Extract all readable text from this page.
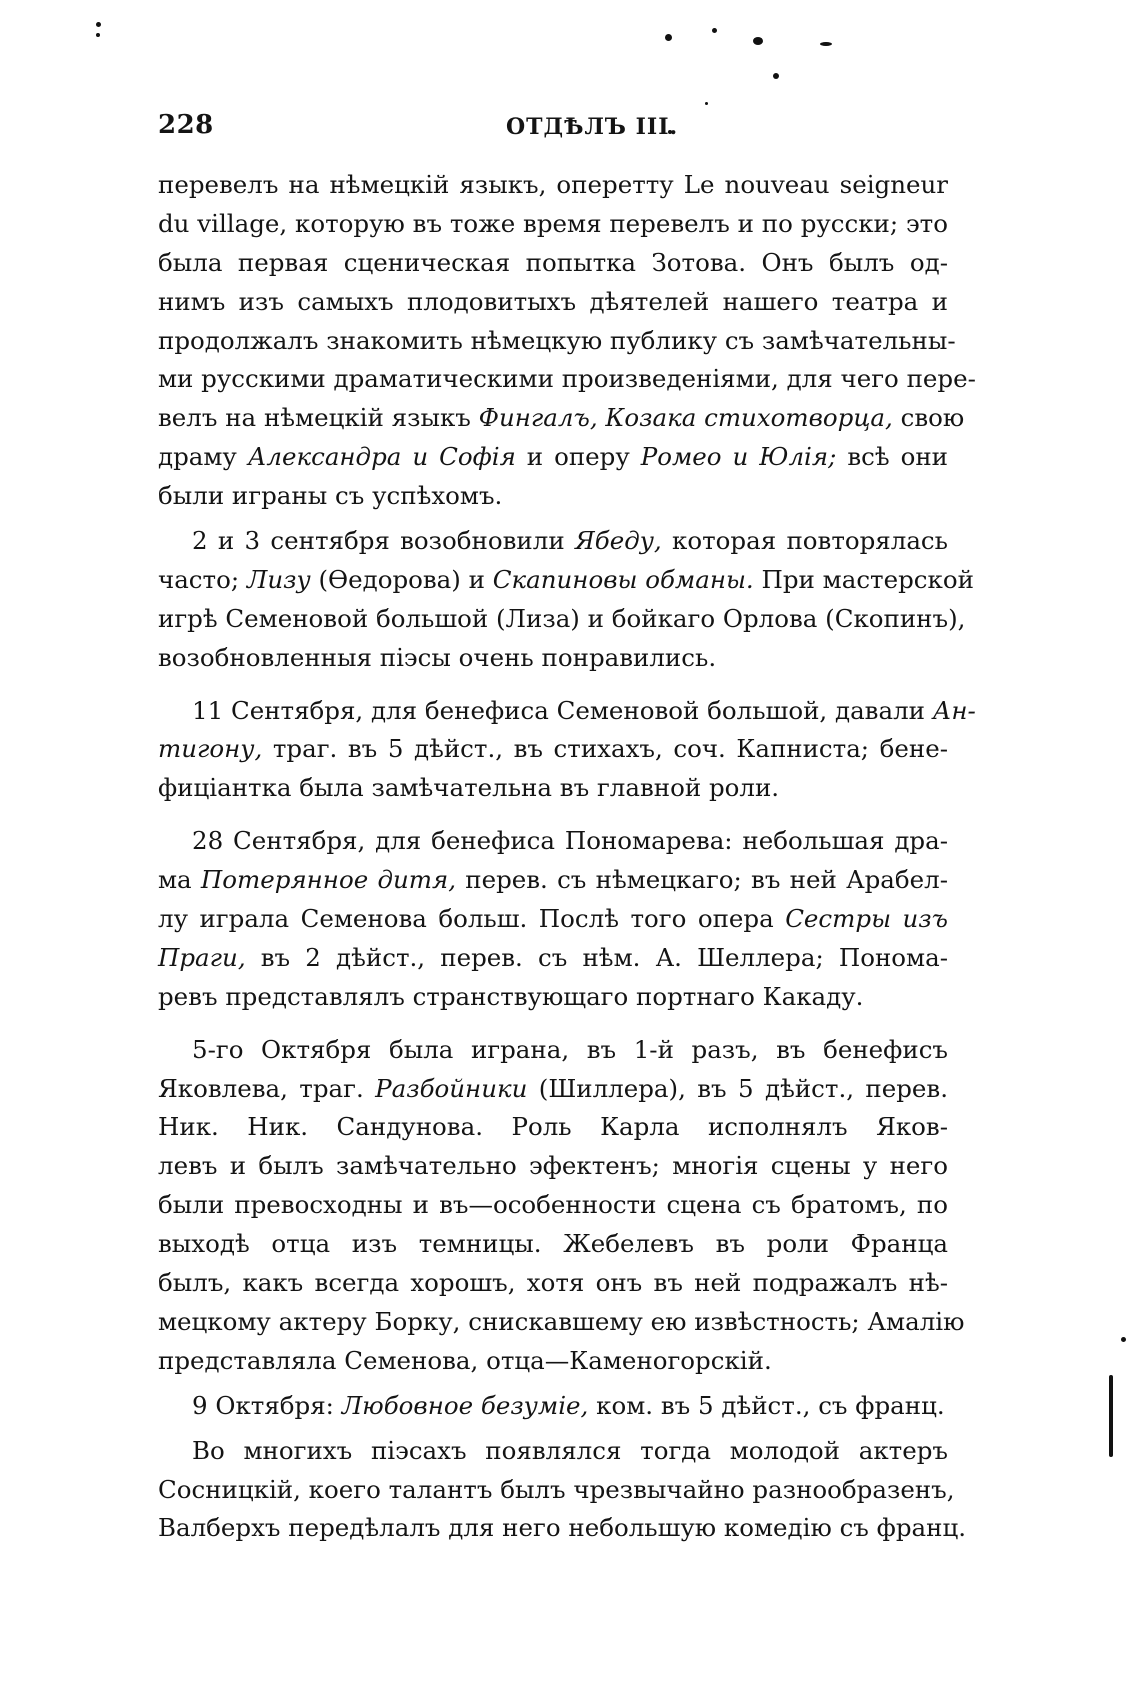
228	ОТДѢЛЪ III.
перевелъ на нѣмецкій языкъ, оперетту Le nouveau seigneur
du village, которую въ тоже время перевелъ и по русски; это
была первая сценическая попытка Зотова. Онъ былъ од-
нимъ изъ самыхъ плодовитыхъ дѣятелей нашего театра и
продолжалъ знакомить нѣмецкую публику съ замѣчательны-
ми русскими драматическими произведеніями, для чего пере-
велъ на нѣмецкій языкъ Фингалъ, Козака стихотворца, свою
драму Александра и Софія и оперу Ромео и Юлія; всѣ они
были играны съ успѣхомъ.
2 и 3 сентября возобновили Ябеду, которая повторялась
часто; Лизу (Ѳедорова) и Скапиновы обманы. При мастерской
игрѣ Семеновой большой (Лиза) и бойкаго Орлова (Скопинъ),
возобновленныя піэсы очень понравились.
11 Сентября, для бенефиса Семеновой большой, давали Ан-
тигону, траг. въ 5 дѣйст., въ стихахъ, соч. Капниста; бене-
фиціантка была замѣчательна въ главной роли.
28 Сентября, для бенефиса Пономарева: небольшая дра-
ма Потерянное дитя, перев. съ нѣмецкаго; въ ней Арабел-
лу играла Семенова больш. Послѣ того опера Сестры изъ
Праги, въ 2 дѣйст., перев. съ нѣм. А. Шеллера; Пономa-
ревъ представлялъ странствующаго портнаго Какаду.
5-го Октября была играна, въ 1-й разъ, въ бенефисъ
Яковлева, траг. Разбойники (Шиллера), въ 5 дѣйст., перев.
Ник. Ник. Сандунова. Роль Карла исполнялъ Яков-
левъ и былъ замѣчательно эфектенъ; многія сцены у него
были превосходны и въ—особенности сцена съ братомъ, по
выходѣ отца изъ темницы. Жебелевъ въ роли Франца
былъ, какъ всегда хорошъ, хотя онъ въ ней подражалъ нѣ-
мецкому актеру Борку, снискавшему ею извѣстность; Амалію
представляла Семенова, отца—Каменогорскій.
9 Октября: Любовное безуміе, ком. въ 5 дѣйст., съ франц.
Во многихъ піэсахъ появлялся тогда молодой актеръ
Сосницкій, коего талантъ былъ чрезвычайно разнообразенъ,
Валберхъ передѣлалъ для него небольшую комедію съ франц.
